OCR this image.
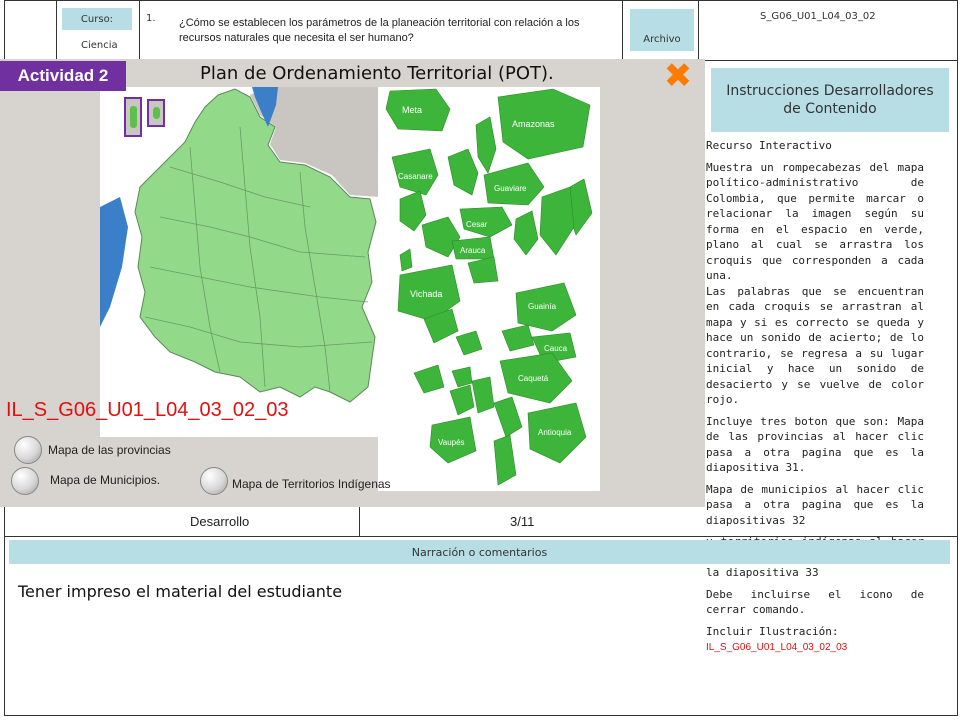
Curso:
Ciencia
1. ¿Cómo se establecen los parámetros de la planeación territorial con relación a los recursos naturales que necesita el ser humano?	Archivo
S_G06_U01_L04_03_02
Meta
Amazonas
Casanare
Guaviare
Cesar
Arauca
Vichada
Guainía
Cauca
Caquetá
Vaupés
Antioquia
Actividad 2	Plan de Ordenamiento Territorial (POT).	✖
IL_S_G06_U01_L04_03_02_03
Mapa de las provincias
Mapa de Municipios.	Mapa de Territorios Indígenas
Instrucciones Desarrolladores de Contenido

Recurso Interactivo

Muestra un rompecabezas del mapa político-administrativo de Colombia, que permite marcar o relacionar la imagen según su forma en el espacio en verde, plano al cual se arrastra los croquis que corresponden a cada una.

Las palabras que se encuentran en cada croquis se arrastran al mapa y si es correcto se queda y hace un sonido de acierto; de lo contrario, se regresa a su lugar inicial y hace un sonido de desacierto y se vuelve de color rojo.

Incluye tres boton que son: Mapa de las provincias al hacer clic pasa a otra pagina que es la diapositiva 31.

Mapa de municipios al hacer clic pasa a otra pagina que es la diapositivas 32

la diapositiva 33

Debe incluirse el icono de cerrar comando.

Incluir Ilustración:
IL_S_G06_U01_L04_03_02_03

Desarrollo	3/11
Narración o comentarios
Tener impreso el material del estudiante
